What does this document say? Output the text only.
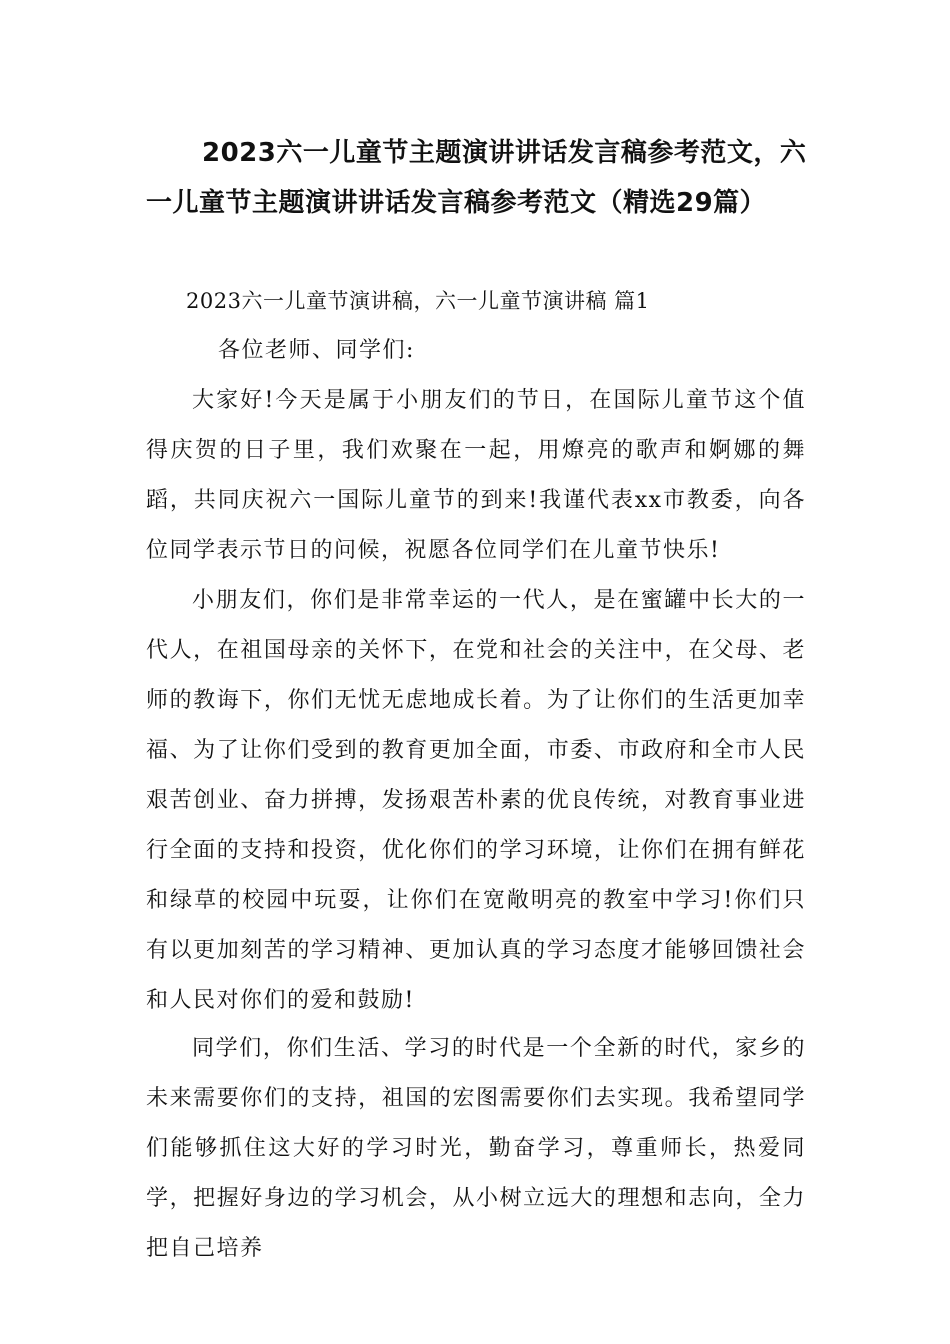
2023六一儿童节主题演讲讲话发言稿参考范文，六一儿童节主题演讲讲话发言稿参考范文（精选29篇）

2023六一儿童节演讲稿，六一儿童节演讲稿 篇1

各位老师、同学们:

大家好!今天是属于小朋友们的节日，在国际儿童节这个值得庆贺的日子里，我们欢聚在一起，用燎亮的歌声和婀娜的舞蹈，共同庆祝六一国际儿童节的到来!我谨代表xx市教委，向各位同学表示节日的问候，祝愿各位同学们在儿童节快乐!

小朋友们，你们是非常幸运的一代人，是在蜜罐中长大的一代人，在祖国母亲的关怀下，在党和社会的关注中，在父母、老师的教诲下，你们无忧无虑地成长着。为了让你们的生活更加幸福、为了让你们受到的教育更加全面，市委、市政府和全市人民艰苦创业、奋力拼搏，发扬艰苦朴素的优良传统，对教育事业进行全面的支持和投资，优化你们的学习环境，让你们在拥有鲜花和绿草的校园中玩耍，让你们在宽敞明亮的教室中学习!你们只有以更加刻苦的学习精神、更加认真的学习态度才能够回馈社会和人民对你们的爱和鼓励!

同学们，你们生活、学习的时代是一个全新的时代，家乡的未来需要你们的支持，祖国的宏图需要你们去实现。我希望同学们能够抓住这大好的学习时光，勤奋学习，尊重师长，热爱同学，把握好身边的学习机会，从小树立远大的理想和志向，全力把自己培养
